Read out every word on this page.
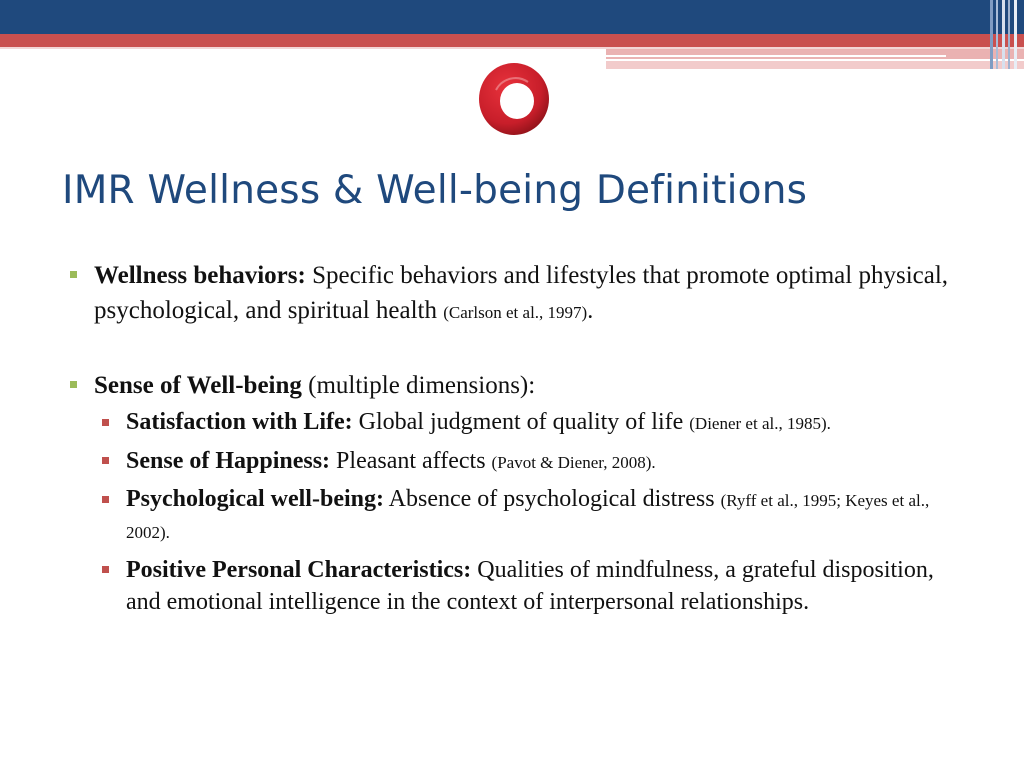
IMR Wellness & Well-being Definitions

Wellness behaviors: Specific behaviors and lifestyles that promote optimal physical, psychological, and spiritual health (Carlson et al., 1997).

Sense of Well-being (multiple dimensions):

Satisfaction with Life: Global judgment of quality of life (Diener et al., 1985).

Sense of Happiness: Pleasant affects (Pavot & Diener, 2008).

Psychological well-being: Absence of psychological distress (Ryff et al., 1995; Keyes et al., 2002).

Positive Personal Characteristics: Qualities of mindfulness, a grateful disposition, and emotional intelligence in the context of interpersonal relationships.
